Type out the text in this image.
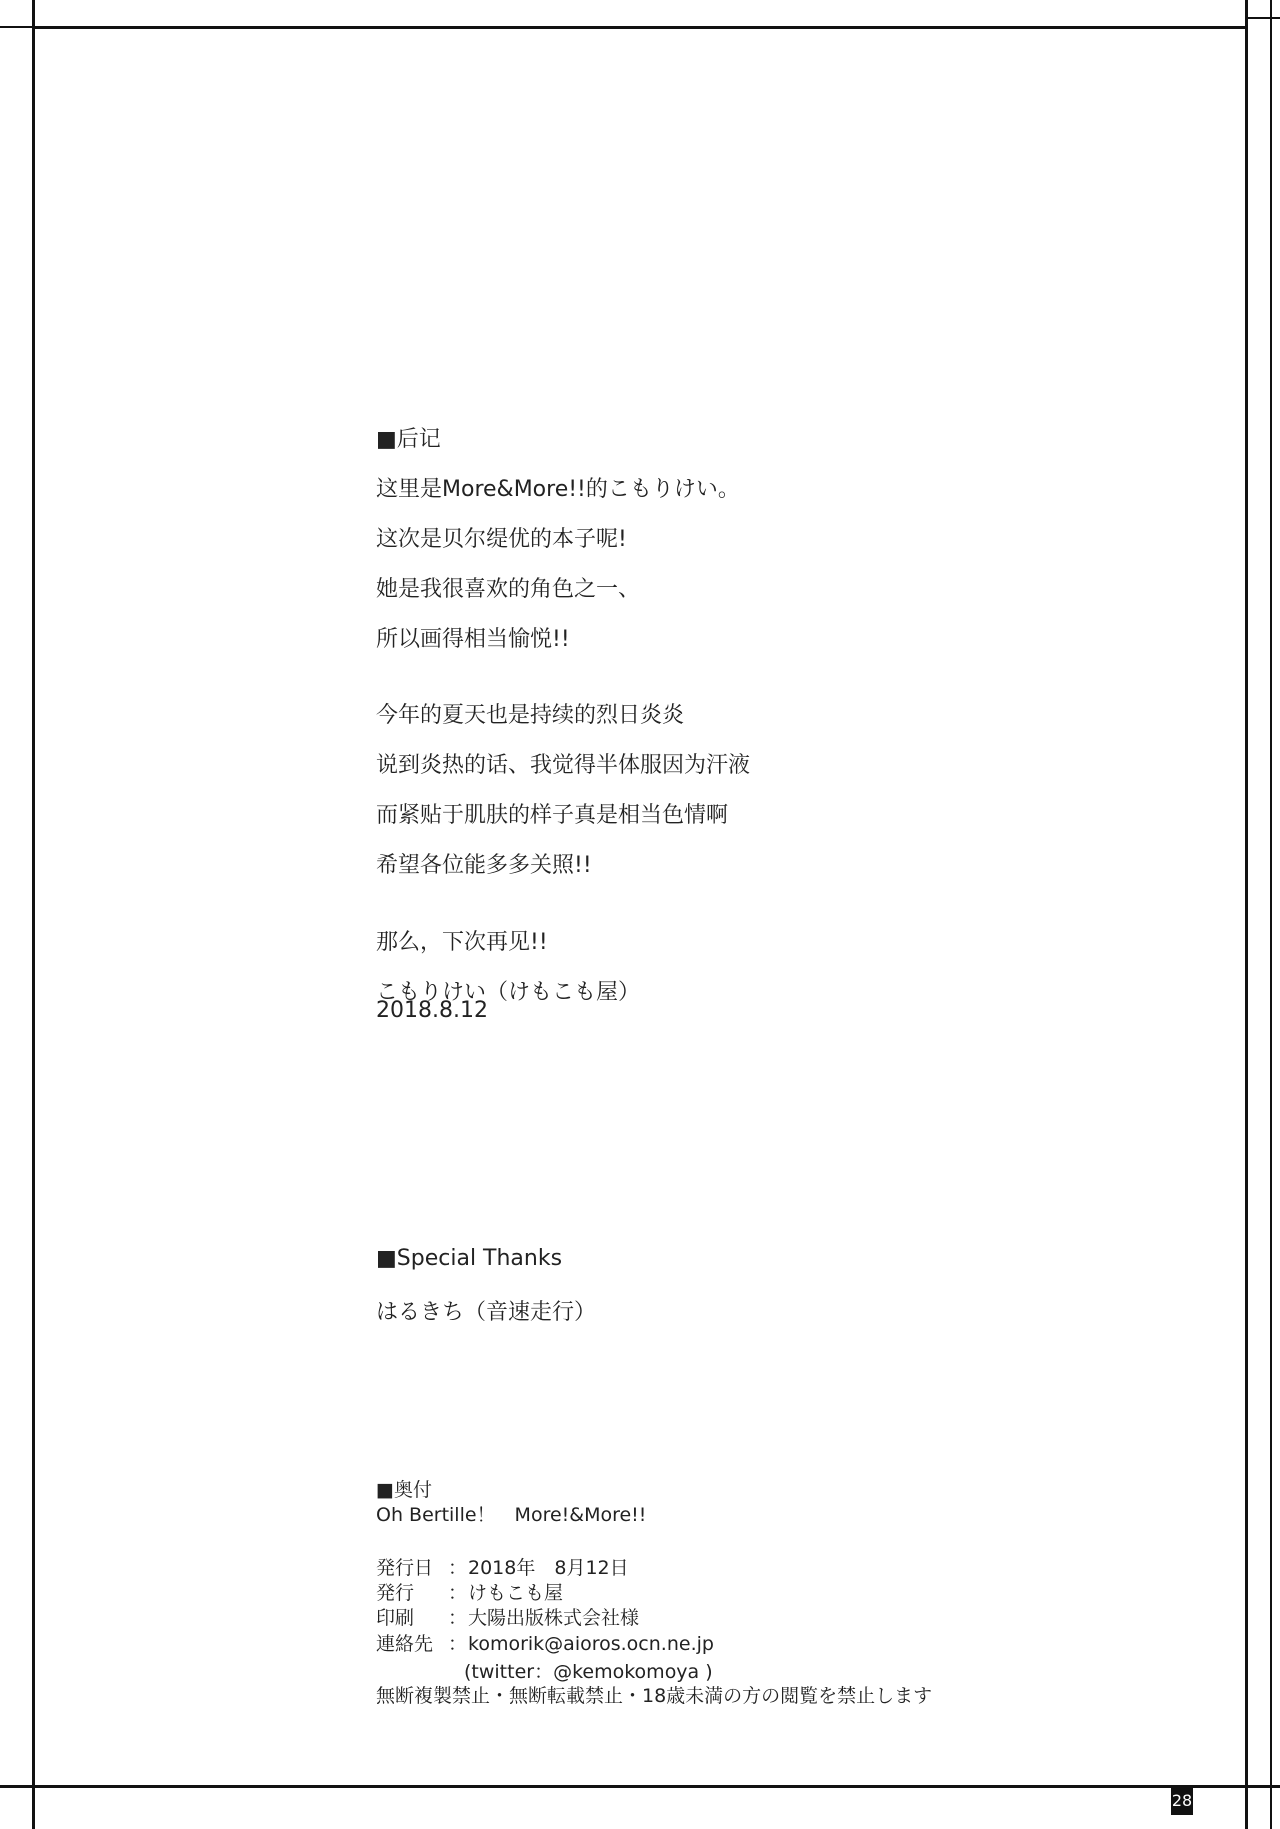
■后记
这里是More&More!!的こもりけい。
这次是贝尔缇优的本子呢!
她是我很喜欢的角色之一、
所以画得相当愉悦!!
今年的夏天也是持续的烈日炎炎
说到炎热的话、我觉得半体服因为汗液
而紧贴于肌肤的样子真是相当色情啊
希望各位能多多关照!!
那么，下次再见!!
こもりけい（けもこも屋）
2018.8.12
■Special Thanks
はるきち（音速走行）
■奥付
Oh Bertille！　More!&More!!
発行日 ：2018年　8月12日
発行 ：けもこも屋
印刷 ：大陽出版株式会社様
連絡先 ：komorik@aioros.ocn.ne.jp
(twitter：@kemokomoya )
無断複製禁止・無断転載禁止・18歳未満の方の閲覧を禁止します
28
